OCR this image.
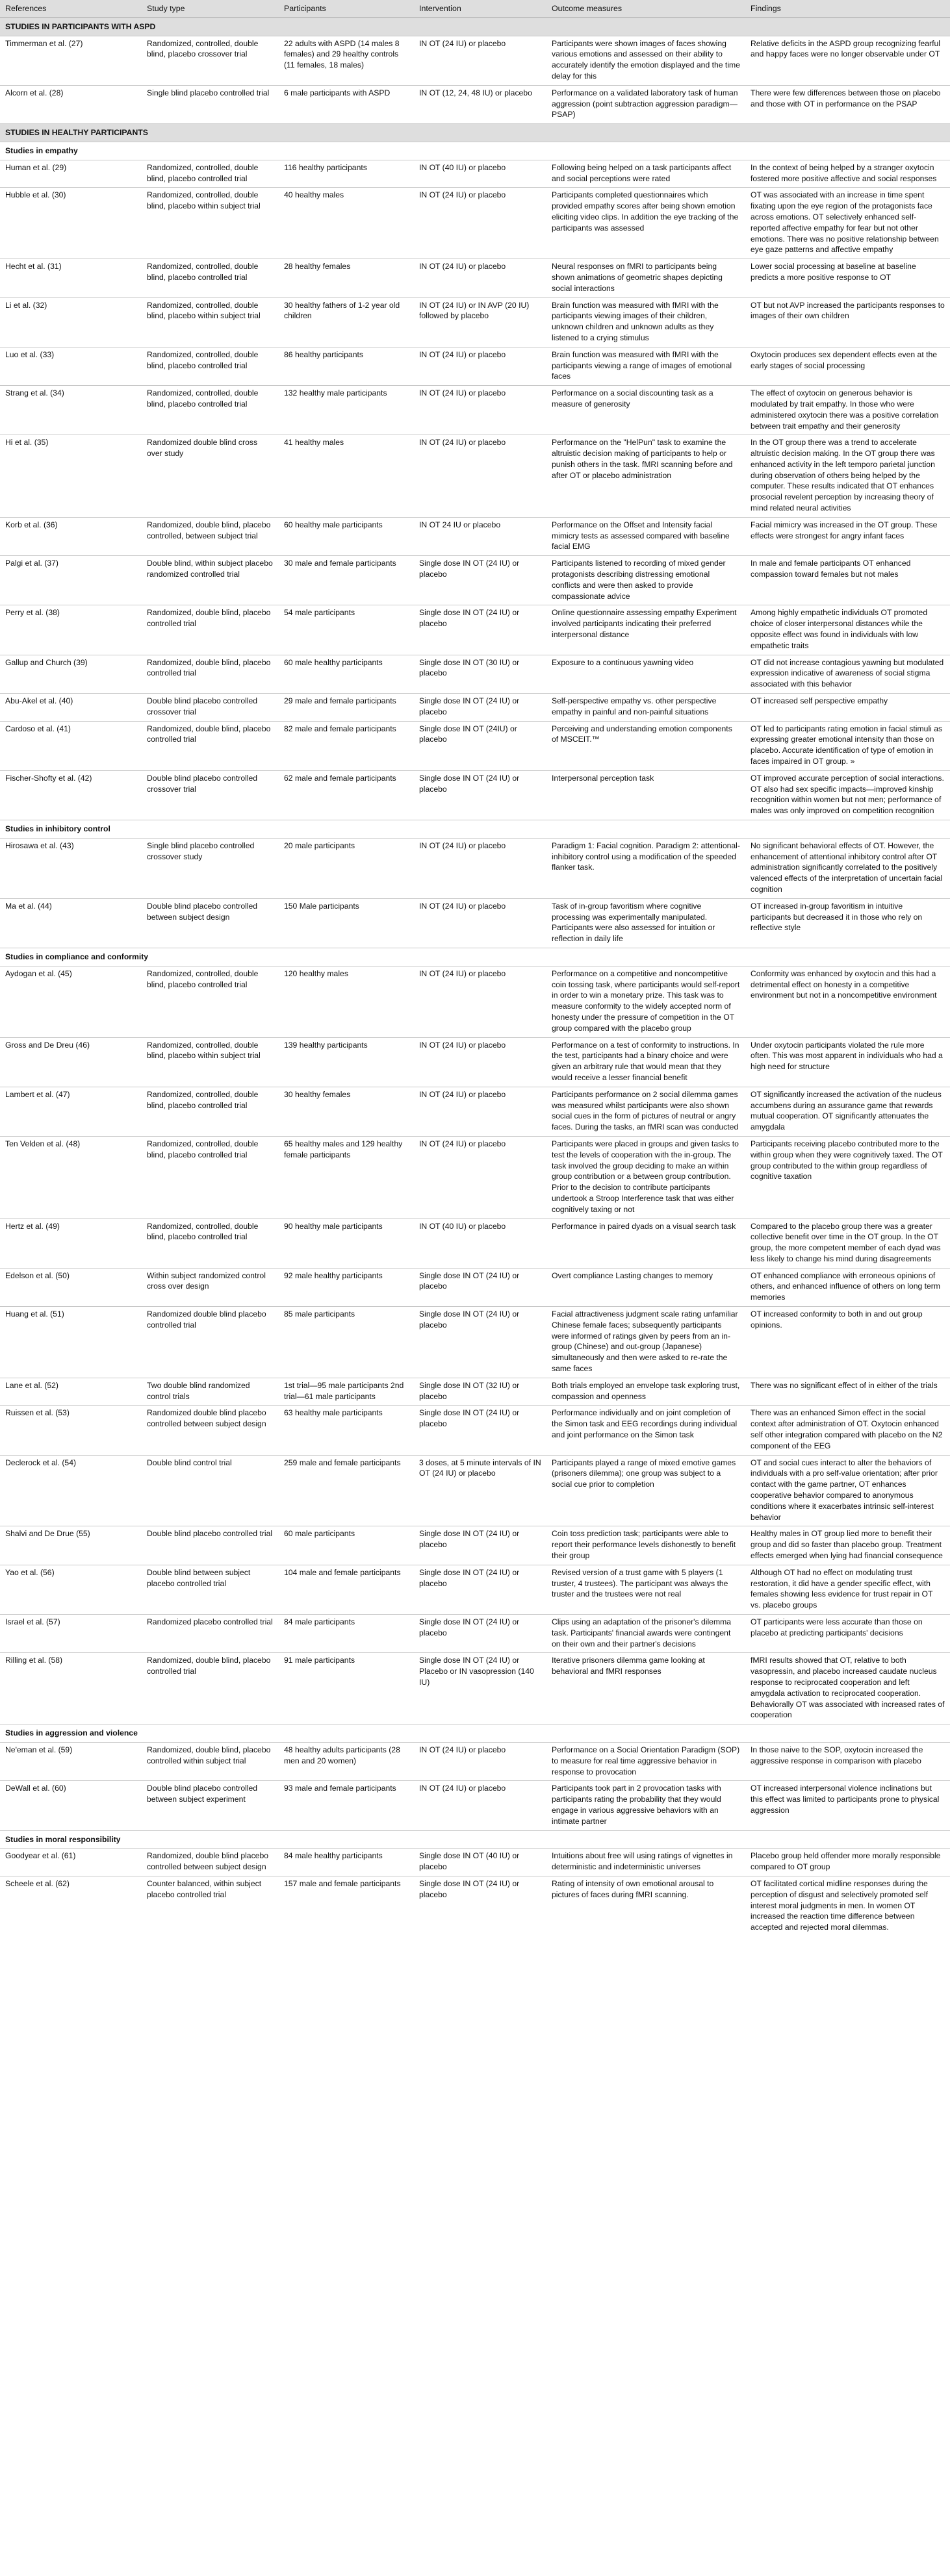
References	Study type	Participants	Intervention	Outcome measures	Findings
STUDIES IN PARTICIPANTS WITH ASPD					
Timmerman et al. (27)	Randomized, controlled, double blind, placebo crossover trial	22 adults with ASPD (14 males 8 females) and 29 healthy controls (11 females, 18 males)	IN OT (24 IU) or placebo	Participants were shown images of faces showing various emotions and assessed on their ability to accurately identify the emotion displayed and the time delay for this	Relative deficits in the ASPD group recognizing fearful and happy faces were no longer observable under OT
Alcorn et al. (28)	Single blind placebo controlled trial	6 male participants with ASPD	IN OT (12, 24, 48 IU) or placebo	Performance on a validated laboratory task of human aggression (point subtraction aggression paradigm—PSAP)	There were few differences between those on placebo and those with OT in performance on the PSAP
STUDIES IN HEALTHY PARTICIPANTS					
Studies in empathy					
Human et al. (29)	Randomized, controlled, double blind, placebo controlled trial	116 healthy participants	IN OT (40 IU) or placebo	Following being helped on a task participants affect and social perceptions were rated	In the context of being helped by a stranger oxytocin fostered more positive affective and social responses
Hubble et al. (30)	Randomized, controlled, double blind, placebo within subject trial	40 healthy males	IN OT (24 IU) or placebo	Participants completed questionnaires which provided empathy scores after being shown emotion eliciting video clips. In addition the eye tracking of the participants was assessed	OT was associated with an increase in time spent fixating upon the eye region of the protagonists face across emotions. OT selectively enhanced self-reported affective empathy for fear but not other emotions. There was no positive relationship between eye gaze patterns and affective empathy
Hecht et al. (31)	Randomized, controlled, double blind, placebo controlled trial	28 healthy females	IN OT (24 IU) or placebo	Neural responses on fMRI to participants being shown animations of geometric shapes depicting social interactions	Lower social processing at baseline at baseline predicts a more positive response to OT
Li et al. (32)	Randomized, controlled, double blind, placebo within subject trial	30 healthy fathers of 1-2 year old children	IN OT (24 IU) or IN AVP (20 IU) followed by placebo	Brain function was measured with fMRI with the participants viewing images of their children, unknown children and unknown adults as they listened to a crying stimulus	OT but not AVP increased the participants responses to images of their own children
Luo et al. (33)	Randomized, controlled, double blind, placebo controlled trial	86 healthy participants	IN OT (24 IU) or placebo	Brain function was measured with fMRI with the participants viewing a range of images of emotional faces	Oxytocin produces sex dependent effects even at the early stages of social processing
Strang et al. (34)	Randomized, controlled, double blind, placebo controlled trial	132 healthy male participants	IN OT (24 IU) or placebo	Performance on a social discounting task as a measure of generosity	The effect of oxytocin on generous behavior is modulated by trait empathy. In those who were administered oxytocin there was a positive correlation between trait empathy and their generosity
Hi et al. (35)	Randomized double blind cross over study	41 healthy males	IN OT (24 IU) or placebo	Performance on the "HelPun" task to examine the altruistic decision making of participants to help or punish others in the task. fMRI scanning before and after OT or placebo administration	In the OT group there was a trend to accelerate altruistic decision making. In the OT group there was enhanced activity in the left temporo parietal junction during observation of others being helped by the computer. These results indicated that OT enhances prosocial revelent perception by increasing theory of mind related neural activities
Korb et al. (36)	Randomized, double blind, placebo controlled, between subject trial	60 healthy male participants	IN OT 24 IU or placebo	Performance on the Offset and Intensity facial mimicry tests as assessed compared with baseline facial EMG	Facial mimicry was increased in the OT group. These effects were strongest for angry infant faces
Palgi et al. (37)	Double blind, within subject placebo randomized controlled trial	30 male and female participants	Single dose IN OT (24 IU) or placebo	Participants listened to recording of mixed gender protagonists describing distressing emotional conflicts and were then asked to provide compassionate advice	In male and female participants OT enhanced compassion toward females but not males
Perry et al. (38)	Randomized, double blind, placebo controlled trial	54 male participants	Single dose IN OT (24 IU) or placebo	Online questionnaire assessing empathy Experiment involved participants indicating their preferred interpersonal distance	Among highly empathetic individuals OT promoted choice of closer interpersonal distances while the opposite effect was found in individuals with low empathetic traits
Gallup and Church (39)	Randomized, double blind, placebo controlled trial	60 male healthy participants	Single dose IN OT (30 IU) or placebo	Exposure to a continuous yawning video	OT did not increase contagious yawning but modulated expression indicative of awareness of social stigma associated with this behavior
Abu-Akel et al. (40)	Double blind placebo controlled crossover trial	29 male and female participants	Single dose IN OT (24 IU) or placebo	Self-perspective empathy vs. other perspective empathy in painful and non-painful situations	OT increased self perspective empathy
Cardoso et al. (41)	Randomized, double blind, placebo controlled trial	82 male and female participants	Single dose IN OT (24IU) or placebo	Perceiving and understanding emotion components of MSCEIT.™	OT led to participants rating emotion in facial stimuli as expressing greater emotional intensity than those on placebo. Accurate identification of type of emotion in faces impaired in OT group. »
Fischer-Shofty et al. (42)	Double blind placebo controlled crossover trial	62 male and female participants	Single dose IN OT (24 IU) or placebo	Interpersonal perception task	OT improved accurate perception of social interactions. OT also had sex specific impacts—improved kinship recognition within women but not men; performance of males was only improved on competition recognition
Studies in inhibitory control					
Hirosawa et al. (43)	Single blind placebo controlled crossover study	20 male participants	IN OT (24 IU) or placebo	Paradigm 1: Facial cognition. Paradigm 2: attentional-inhibitory control using a modification of the speeded flanker task.	No significant behavioral effects of OT. However, the enhancement of attentional inhibitory control after OT administration significantly correlated to the positively valenced effects of the interpretation of uncertain facial cognition
Ma et al. (44)	Double blind placebo controlled between subject design	150 Male participants	IN OT (24 IU) or placebo	Task of in-group favoritism where cognitive processing was experimentally manipulated. Participants were also assessed for intuition or reflection in daily life	OT increased in-group favoritism in intuitive participants but decreased it in those who rely on reflective style
Studies in compliance and conformity					
Aydogan et al. (45)	Randomized, controlled, double blind, placebo controlled trial	120 healthy males	IN OT (24 IU) or placebo	Performance on a competitive and noncompetitive coin tossing task, where participants would self-report in order to win a monetary prize. This task was to measure conformity to the widely accepted norm of honesty under the pressure of competition in the OT group compared with the placebo group	Conformity was enhanced by oxytocin and this had a detrimental effect on honesty in a competitive environment but not in a noncompetitive environment
Gross and De Dreu (46)	Randomized, controlled, double blind, placebo within subject trial	139 healthy participants	IN OT (24 IU) or placebo	Performance on a test of conformity to instructions. In the test, participants had a binary choice and were given an arbitrary rule that would mean that they would receive a lesser financial benefit	Under oxytocin participants violated the rule more often. This was most apparent in individuals who had a high need for structure
Lambert et al. (47)	Randomized, controlled, double blind, placebo controlled trial	30 healthy females	IN OT (24 IU) or placebo	Participants performance on 2 social dilemma games was measured whilst participants were also shown social cues in the form of pictures of neutral or angry faces. During the tasks, an fMRI scan was conducted	OT significantly increased the activation of the nucleus accumbens during an assurance game that rewards mutual cooperation. OT significantly attenuates the amygdala
Ten Velden et al. (48)	Randomized, controlled, double blind, placebo controlled trial	65 healthy males and 129 healthy female participants	IN OT (24 IU) or placebo	Participants were placed in groups and given tasks to test the levels of cooperation with the in-group. The task involved the group deciding to make an within group contribution or a between group contribution. Prior to the decision to contribute participants undertook a Stroop Interference task that was either cognitively taxing or not	Participants receiving placebo contributed more to the within group when they were cognitively taxed. The OT group contributed to the within group regardless of cognitive taxation
Hertz et al. (49)	Randomized, controlled, double blind, placebo controlled trial	90 healthy male participants	IN OT (40 IU) or placebo	Performance in paired dyads on a visual search task	Compared to the placebo group there was a greater collective benefit over time in the OT group. In the OT group, the more competent member of each dyad was less likely to change his mind during disagreements
Edelson et al. (50)	Within subject randomized control cross over design	92 male healthy participants	Single dose IN OT (24 IU) or placebo	Overt compliance Lasting changes to memory	OT enhanced compliance with erroneous opinions of others, and enhanced influence of others on long term memories
Huang et al. (51)	Randomized double blind placebo controlled trial	85 male participants	Single dose IN OT (24 IU) or placebo	Facial attractiveness judgment scale rating unfamiliar Chinese female faces; subsequently participants were informed of ratings given by peers from an in-group (Chinese) and out-group (Japanese) simultaneously and then were asked to re-rate the same faces	OT increased conformity to both in and out group opinions.
Lane et al. (52)	Two double blind randomized control trials	1st trial—95 male participants 2nd trial—61 male participants	Single dose IN OT (32 IU) or placebo	Both trials employed an envelope task exploring trust, compassion and openness	There was no significant effect of in either of the trials
Ruissen et al. (53)	Randomized double blind placebo controlled between subject design	63 healthy male participants	Single dose IN OT (24 IU) or placebo	Performance individually and on joint completion of the Simon task and EEG recordings during individual and joint performance on the Simon task	There was an enhanced Simon effect in the social context after administration of OT. Oxytocin enhanced self other integration compared with placebo on the N2 component of the EEG
Declerock et al. (54)	Double blind control trial	259 male and female participants	3 doses, at 5 minute intervals of IN OT (24 IU) or placebo	Participants played a range of mixed emotive games (prisoners dilemma); one group was subject to a social cue prior to completion	OT and social cues interact to alter the behaviors of individuals with a pro self-value orientation; after prior contact with the game partner, OT enhances cooperative behavior compared to anonymous conditions where it exacerbates intrinsic self-interest behavior
Shalvi and De Drue (55)	Double blind placebo controlled trial	60 male participants	Single dose IN OT (24 IU) or placebo	Coin toss prediction task; participants were able to report their performance levels dishonestly to benefit their group	Healthy males in OT group lied more to benefit their group and did so faster than placebo group. Treatment effects emerged when lying had financial consequence
Yao et al. (56)	Double blind between subject placebo controlled trial	104 male and female participants	Single dose IN OT (24 IU) or placebo	Revised version of a trust game with 5 players (1 truster, 4 trustees). The participant was always the truster and the trustees were not real	Although OT had no effect on modulating trust restoration, it did have a gender specific effect, with females showing less evidence for trust repair in OT vs. placebo groups
Israel et al. (57)	Randomized placebo controlled trial	84 male participants	Single dose IN OT (24 IU) or placebo	Clips using an adaptation of the prisoner's dilemma task. Participants' financial awards were contingent on their own and their partner's decisions	OT participants were less accurate than those on placebo at predicting participants' decisions
Rilling et al. (58)	Randomized, double blind, placebo controlled trial	91 male participants	Single dose IN OT (24 IU) or Placebo or IN vasopression (140 IU)	Iterative prisoners dilemma game looking at behavioral and fMRI responses	fMRI results showed that OT, relative to both vasopressin, and placebo increased caudate nucleus response to reciprocated cooperation and left amygdala activation to reciprocated cooperation. Behaviorally OT was associated with increased rates of cooperation
Studies in aggression and violence					
Ne'eman et al. (59)	Randomized, double blind, placebo controlled within subject trial	48 healthy adults participants (28 men and 20 women)	IN OT (24 IU) or placebo	Performance on a Social Orientation Paradigm (SOP) to measure for real time aggressive behavior in response to provocation	In those naive to the SOP, oxytocin increased the aggressive response in comparison with placebo
DeWall et al. (60)	Double blind placebo controlled between subject experiment	93 male and female participants	IN OT (24 IU) or placebo	Participants took part in 2 provocation tasks with participants rating the probability that they would engage in various aggressive behaviors with an intimate partner	OT increased interpersonal violence inclinations but this effect was limited to participants prone to physical aggression
Studies in moral responsibility					
Goodyear et al. (61)	Randomized, double blind placebo controlled between subject design	84 male healthy participants	Single dose IN OT (40 IU) or placebo	Intuitions about free will using ratings of vignettes in deterministic and indeterministic universes	Placebo group held offender more morally responsible compared to OT group
Scheele et al. (62)	Counter balanced, within subject placebo controlled trial	157 male and female participants	Single dose IN OT (24 IU) or placebo	Rating of intensity of own emotional arousal to pictures of faces during fMRI scanning.	OT facilitated cortical midline responses during the perception of disgust and selectively promoted self interest moral judgments in men. In women OT increased the reaction time difference between accepted and rejected moral dilemmas.
